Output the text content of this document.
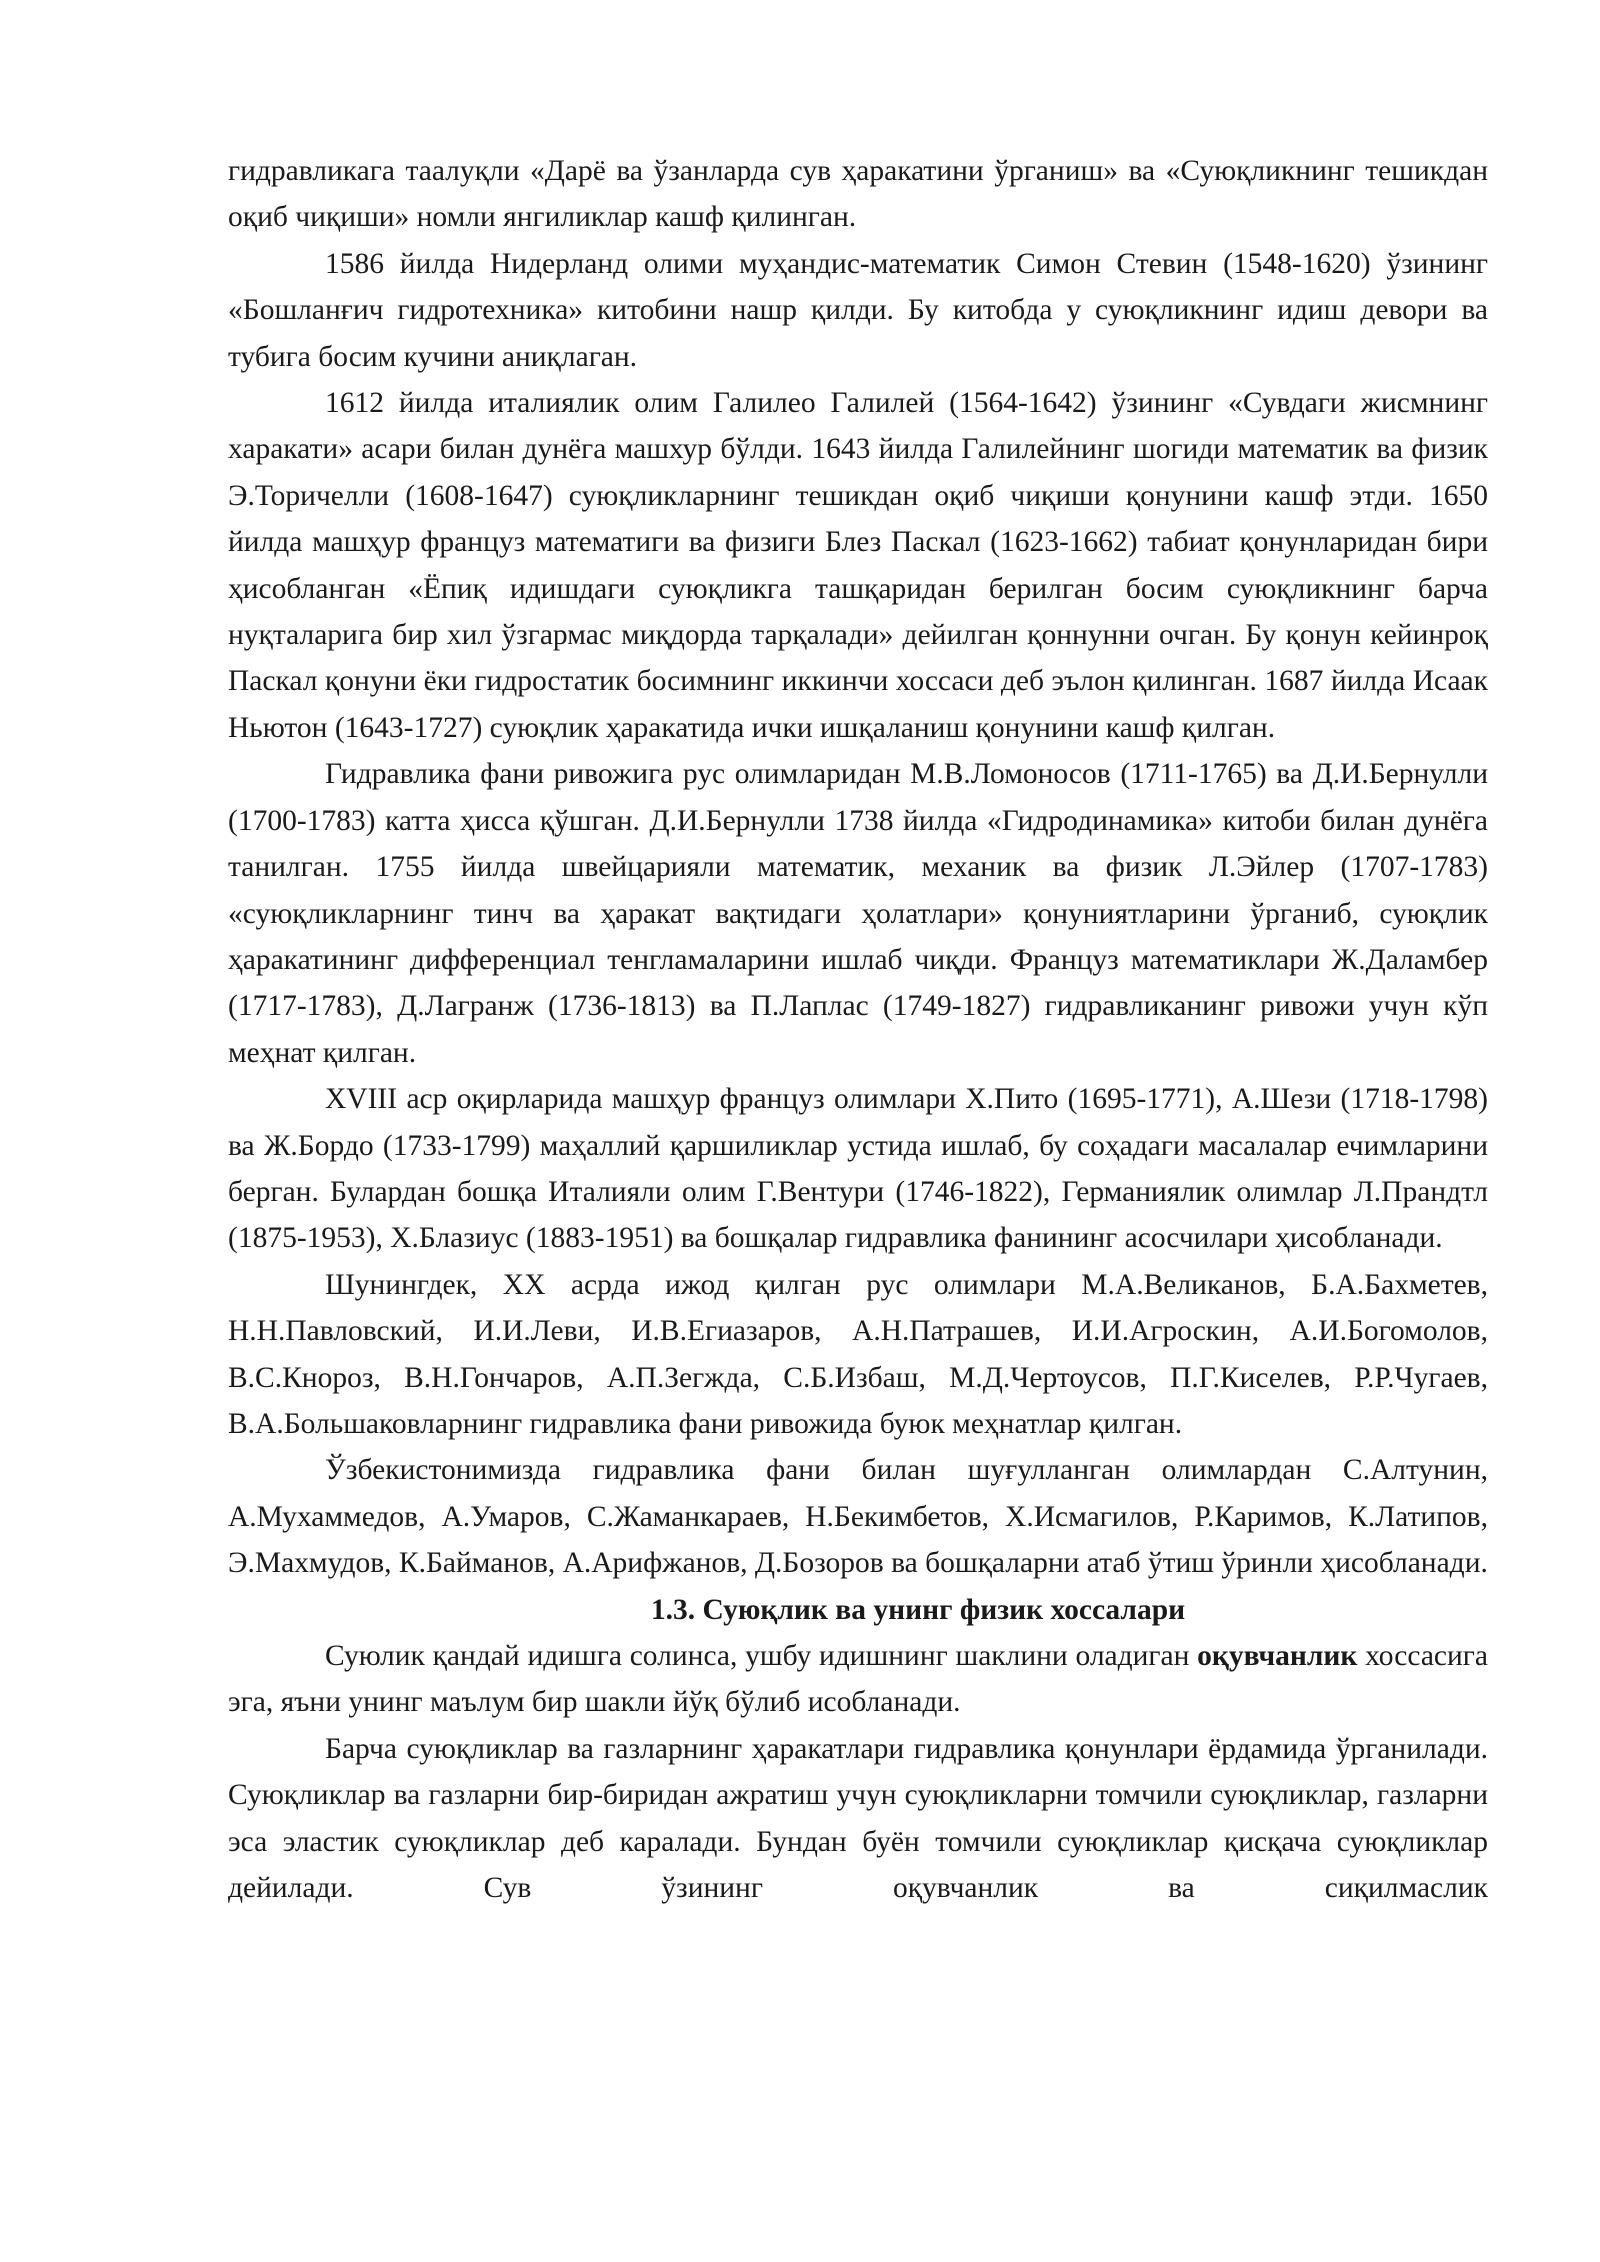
гидравликага таалуқли «Дарё ва ўзанларда сув ҳаракатини ўрганиш» ва «Суюқликнинг тешикдан оқиб чиқиши» номли янгиликлар кашф қилинган.

1586 йилда Нидерланд олими муҳандис-математик Симон Стевин (1548-1620) ўзининг «Бошланғич гидротехника» китобини нашр қилди. Бу китобда у суюқликнинг идиш девори ва тубига босим кучини аниқлаган.

1612 йилда италиялик олим Галилео Галилей (1564-1642) ўзининг «Сувдаги жисмнинг харакати» асари билан дунёга машхур бўлди. 1643 йилда Галилейнинг шогиди математик ва физик Э.Торичелли (1608-1647) суюқликларнинг тешикдан оқиб чиқиши қонунини кашф этди. 1650 йилда машҳур француз математиги ва физиги Блез Паскал (1623-1662) табиат қонунларидан бири ҳисобланган «Ёпиқ идишдаги суюқликга ташқаридан берилган босим суюқликнинг барча нуқталарига бир хил ўзгармас миқдорда тарқалади» дейилган қоннунни очган. Бу қонун кейинроқ Паскал қонуни ёки гидростатик босимнинг иккинчи хоссаси деб эълон қилинган. 1687 йилда Исаак Ньютон (1643-1727) суюқлик ҳаракатида ички ишқаланиш қонунини кашф қилган.

Гидравлика фани ривожига рус олимларидан М.В.Ломоносов (1711-1765) ва Д.И.Бернулли (1700-1783) катта ҳисса қўшган. Д.И.Бернулли 1738 йилда «Гидродинамика» китоби билан дунёга танилган. 1755 йилда швейцарияли математик, механик ва физик Л.Эйлер (1707-1783) «суюқликларнинг тинч ва ҳаракат вақтидаги ҳолатлари» қонуниятларини ўрганиб, суюқлик ҳаракатининг дифференциал тенгламаларини ишлаб чиқди. Француз математиклари Ж.Даламбер (1717-1783), Д.Лагранж (1736-1813) ва П.Лаплас (1749-1827) гидравликанинг ривожи учун кўп меҳнат қилган.

XVIII аср оқирларида машҳур француз олимлари Х.Пито (1695-1771), А.Шези (1718-1798) ва Ж.Бордо (1733-1799) маҳаллий қаршиликлар устида ишлаб, бу соҳадаги масалалар ечимларини берган. Булардан бошқа Италияли олим Г.Вентури (1746-1822), Германиялик олимлар Л.Прандтл (1875-1953), Х.Блазиус (1883-1951) ва бошқалар гидравлика фанининг асосчилари ҳисобланади.

Шунингдек, XX асрда ижод қилган рус олимлари М.А.Великанов, Б.А.Бахметев, Н.Н.Павловский, И.И.Леви, И.В.Егиазаров, А.Н.Патрашев, И.И.Агроскин, А.И.Богомолов, В.С.Кнороз, В.Н.Гончаров, А.П.Зегжда, С.Б.Избаш, М.Д.Чертоусов, П.Г.Киселев, Р.Р.Чугаев, В.А.Большаковларнинг гидравлика фани ривожида буюк меҳнатлар қилган.

Ўзбекистонимизда гидравлика фани билан шуғулланган олимлардан С.Алтунин, А.Мухаммедов, А.Умаров, С.Жаманкараев, Н.Бекимбетов, Х.Исмагилов, Р.Каримов, К.Латипов, Э.Махмудов, К.Байманов, А.Арифжанов, Д.Бозоров ва бошқаларни атаб ўтиш ўринли ҳисобланади.

1.3. Суюқлик ва унинг физик хоссалари

Суюлик қандай идишга солинса, ушбу идишнинг шаклини оладиган оқувчанлик хоссасига эга, яъни унинг маълум бир шакли йўқ бўлиб исобланади.

Барча суюқликлар ва газларнинг ҳаракатлари гидравлика қонунлари ёрдамида ўрганилади. Суюқликлар ва газларни бир-биридан ажратиш учун суюқликларни томчили суюқликлар, газларни эса эластик суюқликлар деб каралади. Бундан буён томчили суюқликлар қисқача суюқликлар дейилади. Сув ўзининг оқувчанлик ва сиқилмаслик
